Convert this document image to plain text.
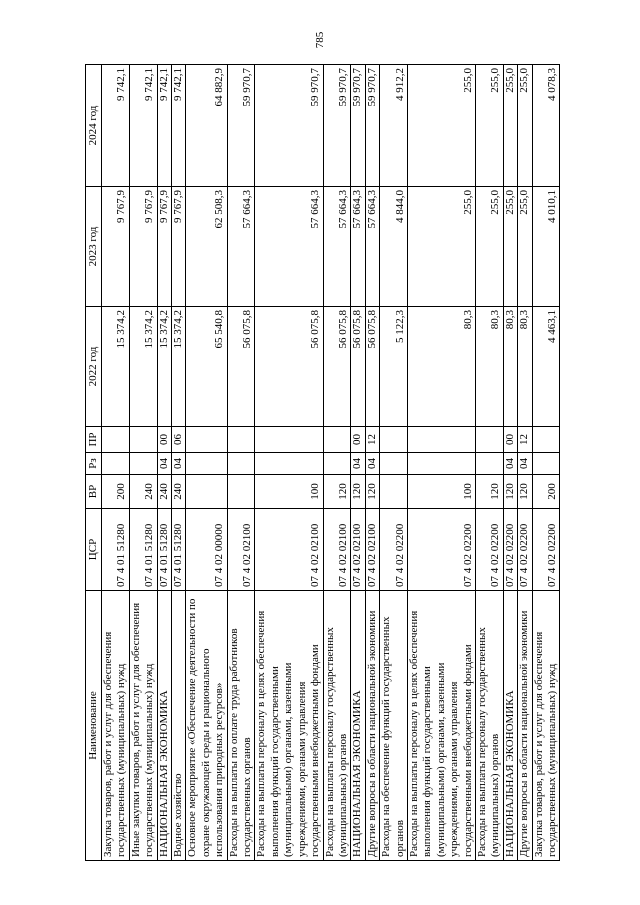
785
Наименование	ЦСР	ВР	Рз	ПР	2022 год	2023 год	2024 год
Закупка товаров, работ и услуг для обеспечения государственных (муниципальных) нужд	07 4 01 51280	200			15 374,2	9 767,9	9 742,1
Иные закупки товаров, работ и услуг для обеспечения государственных (муниципальных) нужд	07 4 01 51280	240			15 374,2	9 767,9	9 742,1
НАЦИОНАЛЬНАЯ ЭКОНОМИКА	07 4 01 51280	240	04	00	15 374,2	9 767,9	9 742,1
Водное хозяйство	07 4 01 51280	240	04	06	15 374,2	9 767,9	9 742,1
Основное мероприятие «Обеспечение деятельности по охране окружающей среды и рационального использования природных ресурсов»	07 4 02 00000				65 540,8	62 508,3	64 882,9
Расходы на выплаты по оплате труда работников государственных органов	07 4 02 02100				56 075,8	57 664,3	59 970,7
Расходы на выплаты персоналу в целях обеспечения выполнения функций государственными (муниципальными) органами, казенными учреждениями, органами управления государственными внебюджетными фондами	07 4 02 02100	100			56 075,8	57 664,3	59 970,7
Расходы на выплаты персоналу государственных (муниципальных) органов	07 4 02 02100	120			56 075,8	57 664,3	59 970,7
НАЦИОНАЛЬНАЯ ЭКОНОМИКА	07 4 02 02100	120	04	00	56 075,8	57 664,3	59 970,7
Другие вопросы в области национальной экономики	07 4 02 02100	120	04	12	56 075,8	57 664,3	59 970,7
Расходы на обеспечение функций государственных органов	07 4 02 02200				5 122,3	4 844,0	4 912,2
Расходы на выплаты персоналу в целях обеспечения выполнения функций государственными (муниципальными) органами, казенными учреждениями, органами управления государственными внебюджетными фондами	07 4 02 02200	100			80,3	255,0	255,0
Расходы на выплаты персоналу государственных (муниципальных) органов	07 4 02 02200	120			80,3	255,0	255,0
НАЦИОНАЛЬНАЯ ЭКОНОМИКА	07 4 02 02200	120	04	00	80,3	255,0	255,0
Другие вопросы в области национальной экономики	07 4 02 02200	120	04	12	80,3	255,0	255,0
Закупка товаров, работ и услуг для обеспечения государственных (муниципальных) нужд	07 4 02 02200	200			4 463,1	4 010,1	4 078,3
